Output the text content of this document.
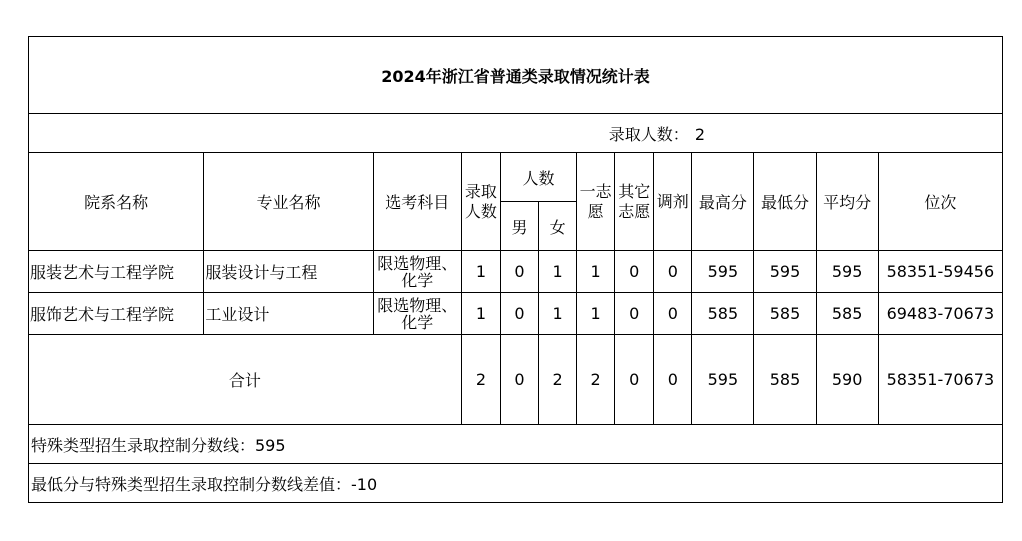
2024年浙江省普通类录取情况统计表												
录取人数： 2												
院系名称	专业名称	选考科目	录取人数	人数		一志愿	其它志愿	调剂	最高分	最低分	平均分	位次
				男	女							
服装艺术与工程学院	服装设计与工程	限选物理、
化学	1	0	1	1	0	0	595	595	595	58351-59456
服饰艺术与工程学院	工业设计	限选物理、
化学	1	0	1	1	0	0	585	585	585	69483-70673
合计			2	0	2	2	0	0	595	585	590	58351-70673
特殊类型招生录取控制分数线：595												
最低分与特殊类型招生录取控制分数线差值：-10												
